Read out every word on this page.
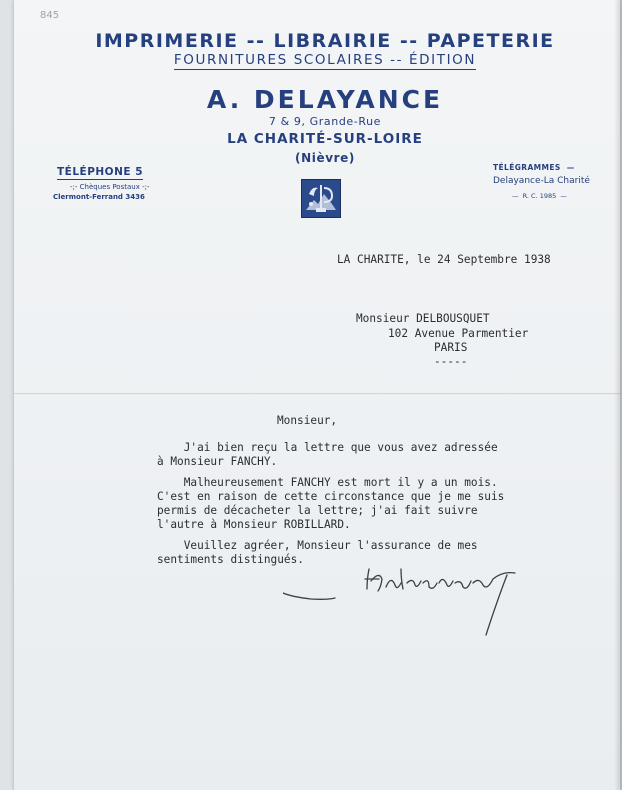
845
IMPRIMERIE -- LIBRAIRIE -- PAPETERIE
FOURNITURES SCOLAIRES -- ÉDITION
A. DELAYANCE
7 & 9, Grande-Rue
LA CHARITÉ-SUR-LOIRE
(Nièvre)
TÉLÉPHONE 5
-;- Chèques Postaux -;-
Clermont-Ferrand 3436
TÉLÉGRAMMES  —
Delayance-La Charité
—  R. C. 1985  —
LA CHARITE, le 24 Septembre 1938
Monsieur DELBOUSQUET
102 Avenue Parmentier
PARIS
-----
Monsieur,
J'ai bien reçu la lettre que vous avez adressée
à Monsieur FANCHY.
Malheureusement FANCHY est mort il y a un mois.
C'est en raison de cette circonstance que je me suis
permis de décacheter la lettre; j'ai fait suivre
l'autre à Monsieur ROBILLARD.
Veuillez agréer, Monsieur l'assurance de mes
sentiments distingués.
